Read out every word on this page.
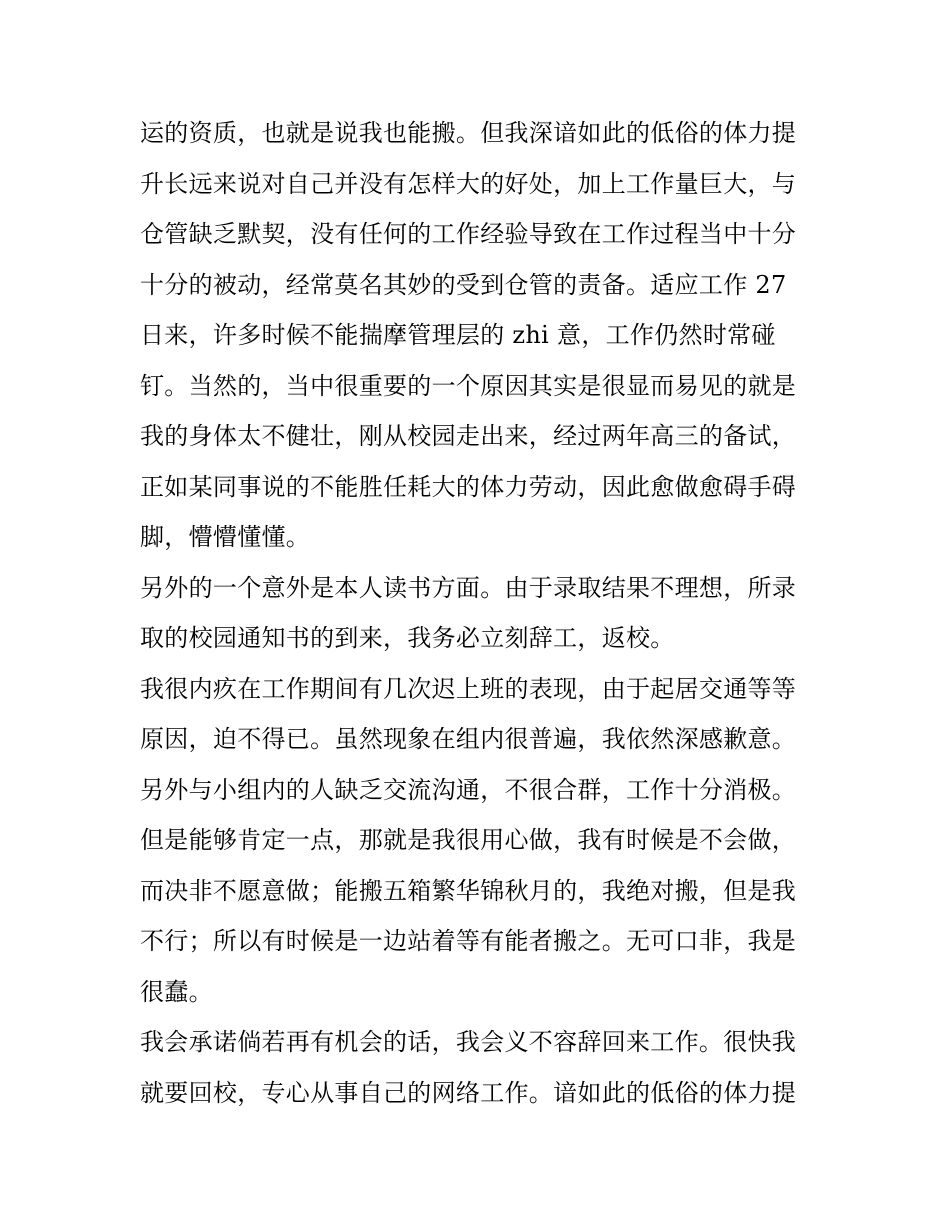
运的资质，也就是说我也能搬。但我深谙如此的低俗的体力提
升长远来说对自己并没有怎样大的好处，加上工作量巨大，与
仓管缺乏默契，没有任何的工作经验导致在工作过程当中十分
十分的被动，经常莫名其妙的受到仓管的责备。适应工作 27
日来，许多时候不能揣摩管理层的 zhi 意，工作仍然时常碰
钉。当然的，当中很重要的一个原因其实是很显而易见的就是
我的身体太不健壮，刚从校园走出来，经过两年高三的备试，
正如某同事说的不能胜任耗大的体力劳动，因此愈做愈碍手碍
脚，懵懵懂懂。
另外的一个意外是本人读书方面。由于录取结果不理想，所录
取的校园通知书的到来，我务必立刻辞工，返校。
我很内疚在工作期间有几次迟上班的表现，由于起居交通等等
原因，迫不得已。虽然现象在组内很普遍，我依然深感歉意。
另外与小组内的人缺乏交流沟通，不很合群，工作十分消极。
但是能够肯定一点，那就是我很用心做，我有时候是不会做，
而决非不愿意做；能搬五箱繁华锦秋月的，我绝对搬，但是我
不行；所以有时候是一边站着等有能者搬之。无可口非，我是
很蠢。
我会承诺倘若再有机会的话，我会义不容辞回来工作。很快我
就要回校，专心从事自己的网络工作。谙如此的低俗的体力提
